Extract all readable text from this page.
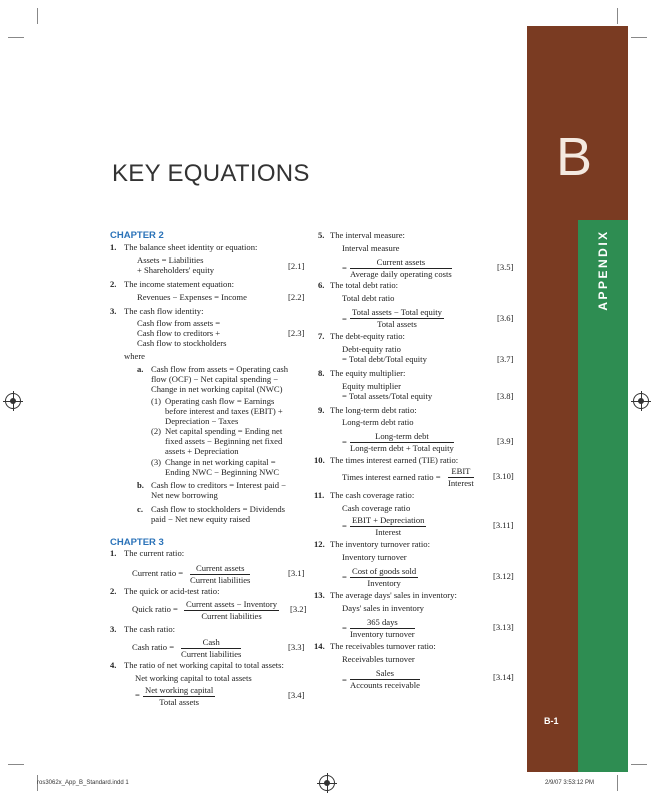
B
APPENDIX
B-1
KEY EQUATIONS
CHAPTER 2
1. The balance sheet identity or equation:
Assets = Liabilities
+ Shareholders' equity	[2.1]
2. The income statement equation:
Revenues − Expenses = Income	[2.2]
3. The cash flow identity:
Cash flow from assets =
Cash flow to creditors +
Cash flow to stockholders
[2.3]
where
a. Cash flow from assets = Operating cash
flow (OCF) − Net capital spending −
Change in net working capital (NWC)
(1) Operating cash flow = Earnings
before interest and taxes (EBIT) +
Depreciation − Taxes
(2) Net capital spending = Ending net
fixed assets − Beginning net fixed
assets + Depreciation
(3) Change in net working capital =
Ending NWC − Beginning NWC
b. Cash flow to creditors = Interest paid −
Net new borrowing
c. Cash flow to stockholders = Dividends
paid − Net new equity raised
CHAPTER 3
1. The current ratio:
Current ratio =	Current assets
Current liabilities
[3.1]
2. The quick or acid-test ratio:
Quick ratio = Current assets − Inventory
Current liabilities
[3.2]
3. The cash ratio:
Cash ratio =	Cash
Current liabilities
[3.3]
4. The ratio of net working capital to total assets:
Net working capital to total assets
= Net working capital
Total assets
[3.4]
5. The interval measure:
Interval measure
=
Current assets
Average daily operating costs
[3.5]
6. The total debt ratio:
Total debt ratio
=
Total assets − Total equity
Total assets
[3.6]
7. The debt-equity ratio:
Debt-equity ratio
= Total debt/Total equity	[3.7]
8. The equity multiplier:
Equity multiplier
= Total assets/Total equity	[3.8]
9. The long-term debt ratio:
Long-term debt ratio
=
Long-term debt
Long-term debt + Total equity
[3.9]
10. The times interest earned (TIE) ratio:
Times interest earned ratio =
EBIT
Interest
[3.10]
11. The cash coverage ratio:
Cash coverage ratio
=
EBIT + Depreciation
Interest
[3.11]
12. The inventory turnover ratio:
Inventory turnover
=
Cost of goods sold
Inventory
[3.12]
13. The average days' sales in inventory:
Days' sales in inventory
=
365 days
Inventory turnover
[3.13]
14. The receivables turnover ratio:
Receivables turnover
=
Sales
Accounts receivable
[3.14]
ros3062x_App_B_Standard.indd 1	2/9/07 3:53:12 PM
